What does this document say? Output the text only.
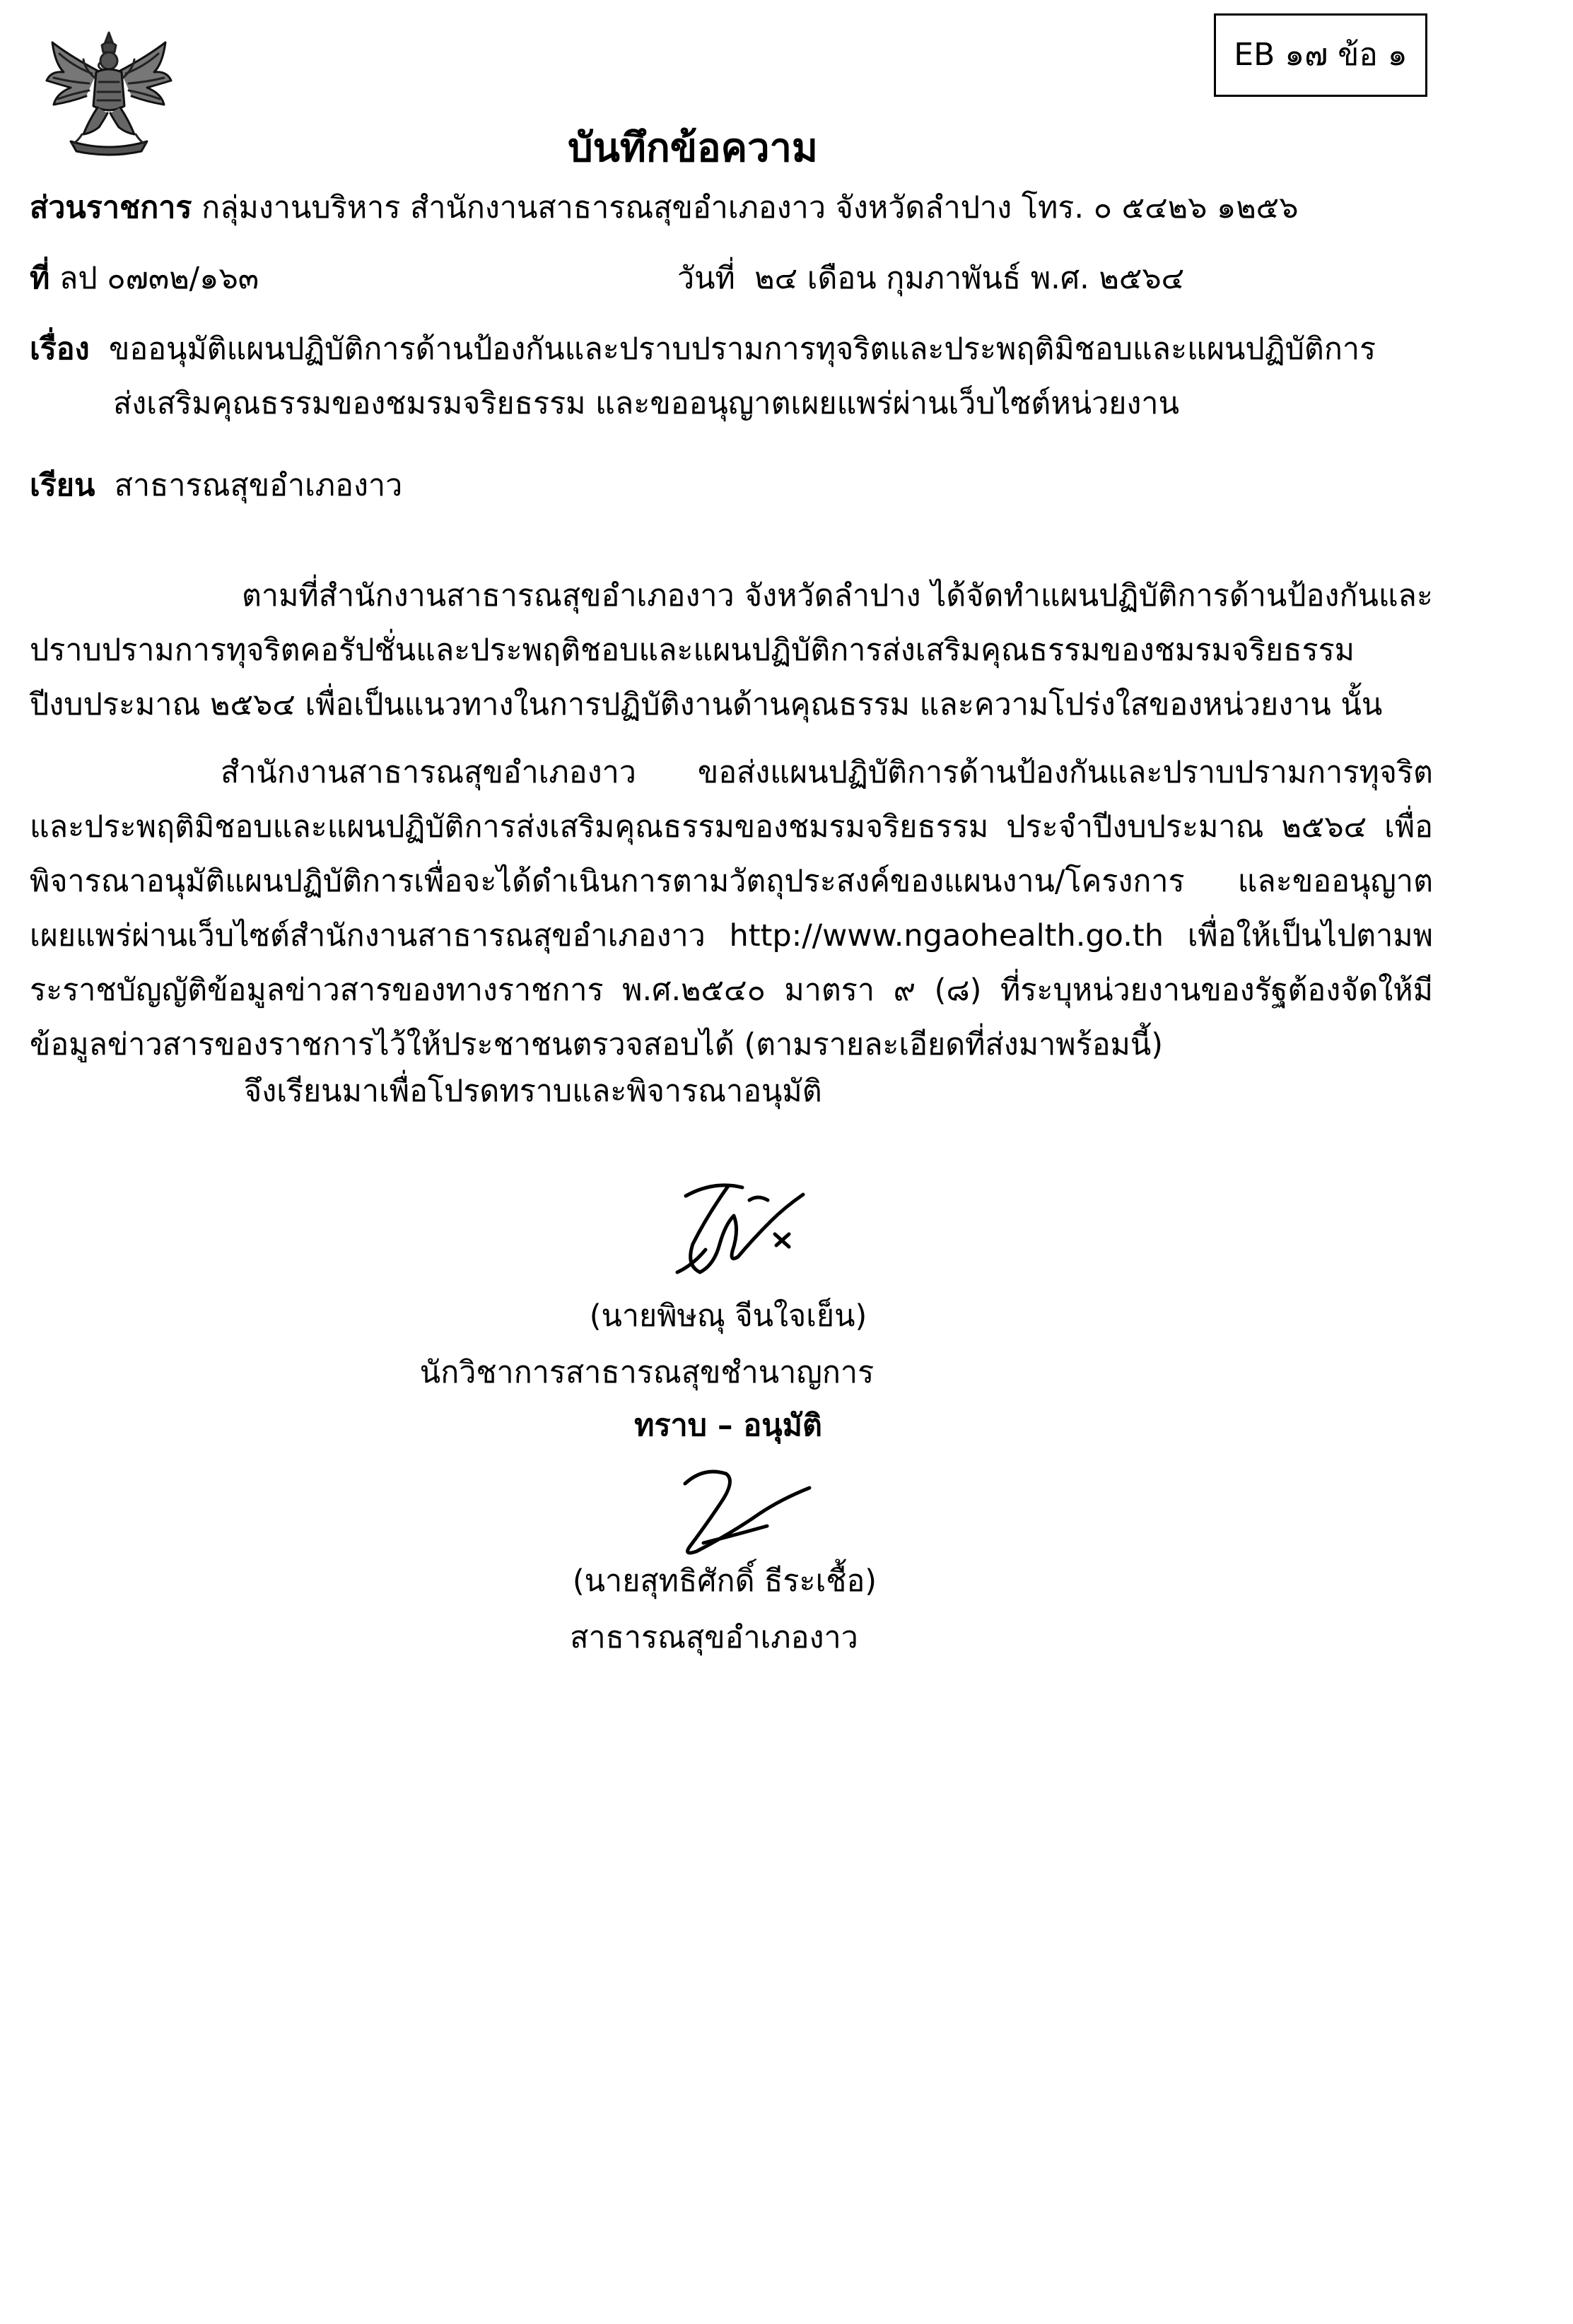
EB ๑๗ ข้อ ๑
บันทึกข้อความ
ส่วนราชการ กลุ่มงานบริหาร สำนักงานสาธารณสุขอำเภองาว จังหวัดลำปาง โทร. ๐ ๕๔๒๖ ๑๒๕๖
ที่ ลป ๐๗๓๒/๑๖๓	วันที่ ๒๔ เดือน กุมภาพันธ์ พ.ศ. ๒๕๖๔
เรื่อง ขออนุมัติแผนปฏิบัติการด้านป้องกันและปราบปรามการทุจริตและประพฤติมิชอบและแผนปฏิบัติการ
ส่งเสริมคุณธรรมของชมรมจริยธรรม และขออนุญาตเผยแพร่ผ่านเว็บไซต์หน่วยงาน
เรียน สาธารณสุขอำเภองาว

ตามที่สำนักงานสาธารณสุขอำเภองาว จังหวัดลำปาง ได้จัดทำแผนปฏิบัติการด้านป้องกันและปราบปรามการทุจริตคอรัปชั่นและประพฤติชอบและแผนปฏิบัติการส่งเสริมคุณธรรมของชมรมจริยธรรม ปีงบประมาณ ๒๕๖๔ เพื่อเป็นแนวทางในการปฏิบัติงานด้านคุณธรรม และความโปร่งใสของหน่วยงาน นั้น

สำนักงานสาธารณสุขอำเภองาว ขอส่งแผนปฏิบัติการด้านป้องกันและปราบปรามการทุจริตและประพฤติมิชอบและแผนปฏิบัติการส่งเสริมคุณธรรมของชมรมจริยธรรม ประจำปีงบประมาณ ๒๕๖๔ เพื่อพิจารณาอนุมัติแผนปฏิบัติการเพื่อจะได้ดำเนินการตามวัตถุประสงค์ของแผนงาน/โครงการ และขออนุญาตเผยแพร่ผ่านเว็บไซต์สำนักงานสาธารณสุขอำเภองาว http://www.ngaohealth.go.th เพื่อให้เป็นไปตามพระราชบัญญัติข้อมูลข่าวสารของทางราชการ พ.ศ.๒๕๔๐ มาตรา ๙ (๘) ที่ระบุหน่วยงานของรัฐต้องจัดให้มีข้อมูลข่าวสารของราชการไว้ให้ประชาชนตรวจสอบได้ (ตามรายละเอียดที่ส่งมาพร้อมนี้)

จึงเรียนมาเพื่อโปรดทราบและพิจารณาอนุมัติ
(นายพิษณุ จีนใจเย็น)
นักวิชาการสาธารณสุขชำนาญการ
ทราบ – อนุมัติ
(นายสุทธิศักดิ์ ธีระเชื้อ)
สาธารณสุขอำเภองาว
